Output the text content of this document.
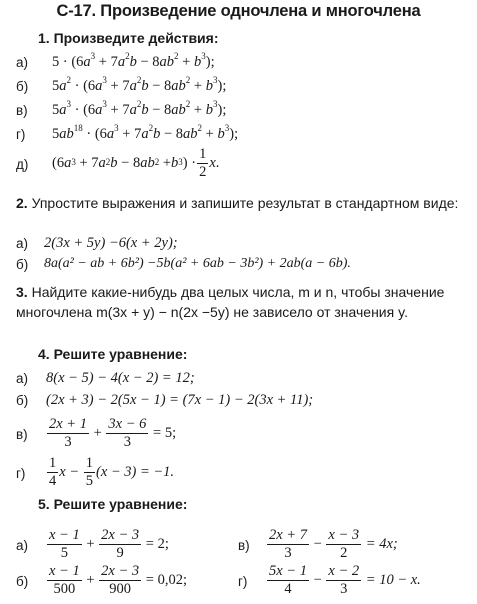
С-17. Произведение одночлена и многочлена
1. Произведите действия:
а) $5 \cdot (6a^3 + 7a^2b - 8ab^2 + b^3)$;
б) $5a^2 \cdot (6a^3 + 7a^2b - 8ab^2 + b^3)$;
в) $5a^3 \cdot (6a^3 + 7a^2b - 8ab^2 + b^3)$;
г) $5ab^{18} \cdot (6a^3 + 7a^2b - 8ab^2 + b^3)$;
д) (6 $a^3 + 7$ $a^2$ b − 8 $ab^2 + b^3$ ) · $\frac{1}{2}$ x .
2. Упростите выражения и запишите результат в стандартном виде:
а) 2(3x + 5y) −6(x + 2y);
б) 8a(a² − ab + 6b²) −5b(a² + 6ab − 3b²) + 2ab(a − 6b).
3. Найдите какие-нибудь два целых числа, m и n, чтобы значение многочлена m(3x + y) − n(2x −5y) не зависело от значения y.
4. Решите уравнение:
а) 8(x − 5) − 4(x − 2) = 12;
б) (2x + 3) − 2(5x − 1) = (7x − 1) − 2(3x + 11);
$в) \frac{2x + 1}{3}$
+
$\frac{3x - 6}{3}$
= 5;
$г) \frac{1}{4}$ x −
$\frac{1}{5} (x - 3) = -1$.
5. Решите уравнение:
$а) \frac{x - 1}{5}$
+
$\frac{2x - 3}{9}$
= 2;	$в) \frac{2x + 7}{3}$
−
$\frac{x - 3}{2}$
= 4x;
$б) \frac{x - 1}{500}$
+
$\frac{2x - 3}{900}$
= 0,02;	$г) \frac{5x - 1}{4}$
−
$\frac{x - 2}{3}$
= 10 − x.
